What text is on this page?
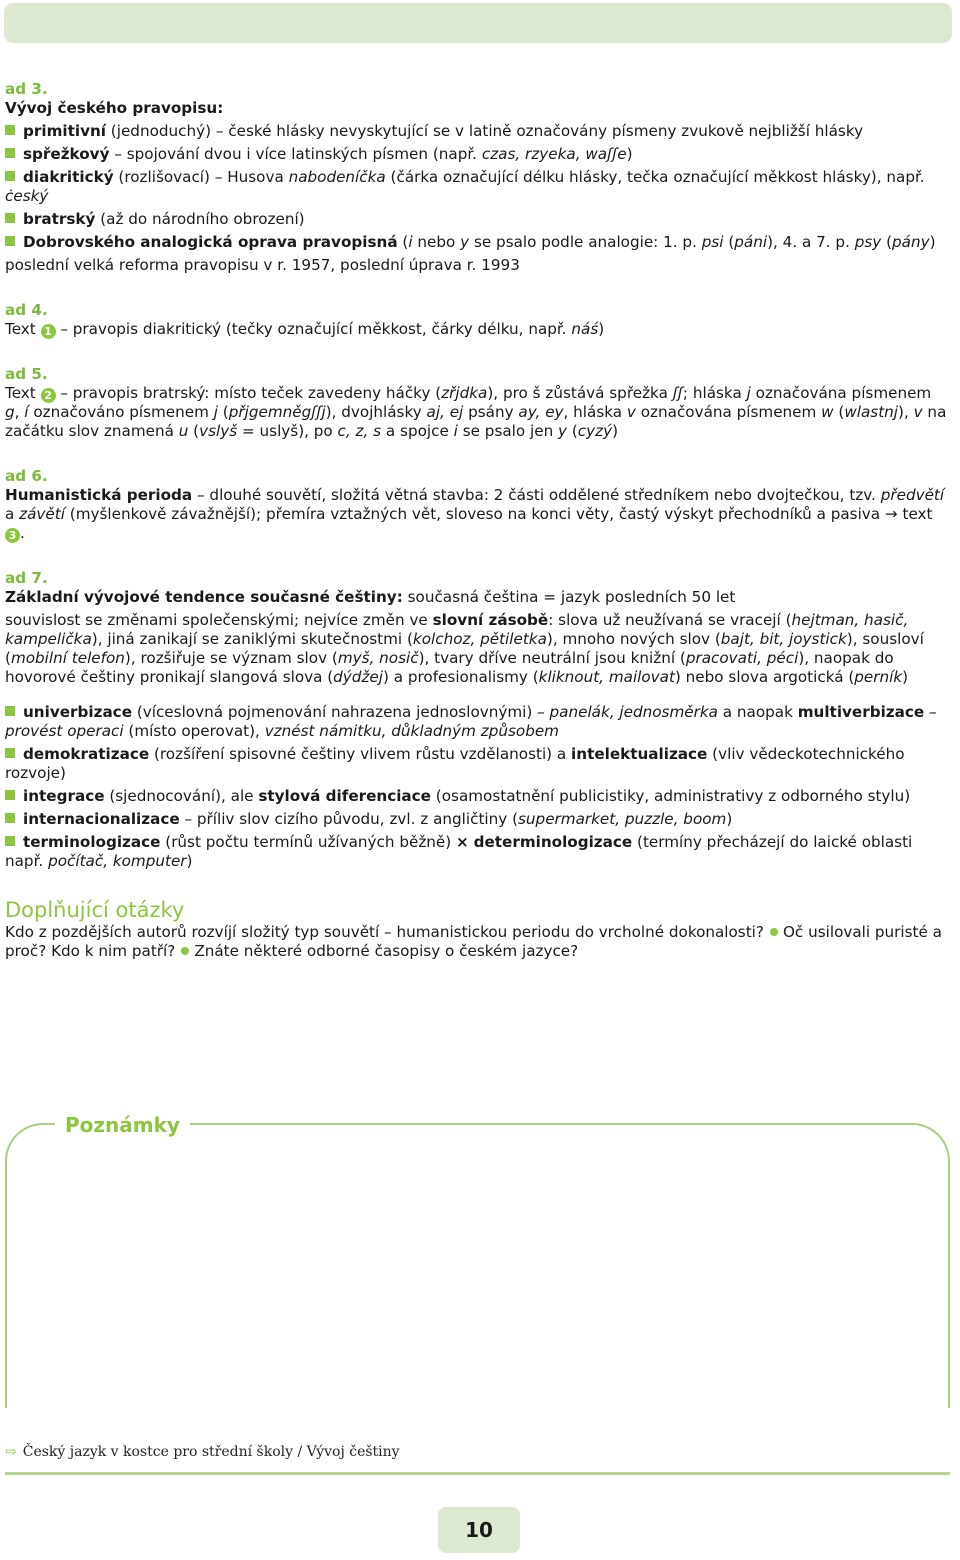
ad 3.

Vývoj českého pravopisu:

primitivní (jednoduchý) – české hlásky nevyskytující se v latině označovány písmeny zvukově nejbližší hlásky

spřežkový – spojování dvou i více latinských písmen (např. czas, rzyeka, waʃʃe)

diakritický (rozlišovací) – Husova nabodeníčka (čárka označující délku hlásky, tečka označující měkkost hlásky), např. ċeský

bratrský (až do národního obrození)

Dobrovského analogická oprava pravopisná (i nebo y se psalo podle analogie: 1. p. psi (páni), 4. a 7. p. psy (pány)

poslední velká reforma pravopisu v r. 1957, poslední úprava r. 1993

ad 4.

Text 1 – pravopis diakritický (tečky označující měkkost, čárky délku, např. náś)

ad 5.

Text 2 – pravopis bratrský: místo teček zavedeny háčky (zřjdka), pro š zůstává spřežka ʃʃ; hláska j označována písmenem g, í označováno písmenem j (přjgemněgʃʃj), dvojhlásky aj, ej psány ay, ey, hláska v označována písmenem w (wlastnj), v na začátku slov znamená u (vslyš = uslyš), po c, z, s a spojce i se psalo jen y (cyzý)

ad 6.

Humanistická perioda – dlouhé souvětí, složitá větná stavba: 2 části oddělené středníkem nebo dvojtečkou, tzv. předvětí a závětí (myšlenkově závažnější); přemíra vztažných vět, sloveso na konci věty, častý výskyt přechodníků a pasiva → text 3 .

ad 7.

Základní vývojové tendence současné češtiny: současná čeština = jazyk posledních 50 let

souvislost se změnami společenskými; nejvíce změn ve slovní zásobě: slova už neužívaná se vracejí (hejtman, hasič, kampelička), jiná zanikají se zaniklými skutečnostmi (kolchoz, pětiletka), mnoho nových slov (bajt, bit, joystick), sousloví (mobilní telefon), rozšiřuje se význam slov (myš, nosič), tvary dříve neutrální jsou knižní (pracovati, péci), naopak do hovorové češtiny pronikají slangová slova (dýdžej) a profesionalismy (kliknout, mailovat) nebo slova argotická (perník)

univerbizace (víceslovná pojmenování nahrazena jednoslovnými) – panelák, jednosměrka a naopak multiverbizace – provést operaci (místo operovat), vznést námitku, důkladným způsobem

demokratizace (rozšíření spisovné češtiny vlivem růstu vzdělanosti) a intelektualizace (vliv vědeckotechnického rozvoje)

integrace (sjednocování), ale stylová diferenciace (osamostatnění publicistiky, administrativy z odborného stylu)

internacionalizace – příliv slov cizího původu, zvl. z angličtiny (supermarket, puzzle, boom)

terminologizace (růst počtu termínů užívaných běžně) × determinologizace (termíny přecházejí do laické oblasti např. počítač, komputer)

Doplňující otázky

Kdo z pozdějších autorů rozvíjí složitý typ souvětí – humanistickou periodu do vrcholné dokonalosti? Oč usilovali puristé a proč? Kdo k nim patří? Znáte některé odborné časopisy o českém jazyce?

Poznámky
⇨ Český jazyk v kostce pro střední školy / Vývoj češtiny
10
